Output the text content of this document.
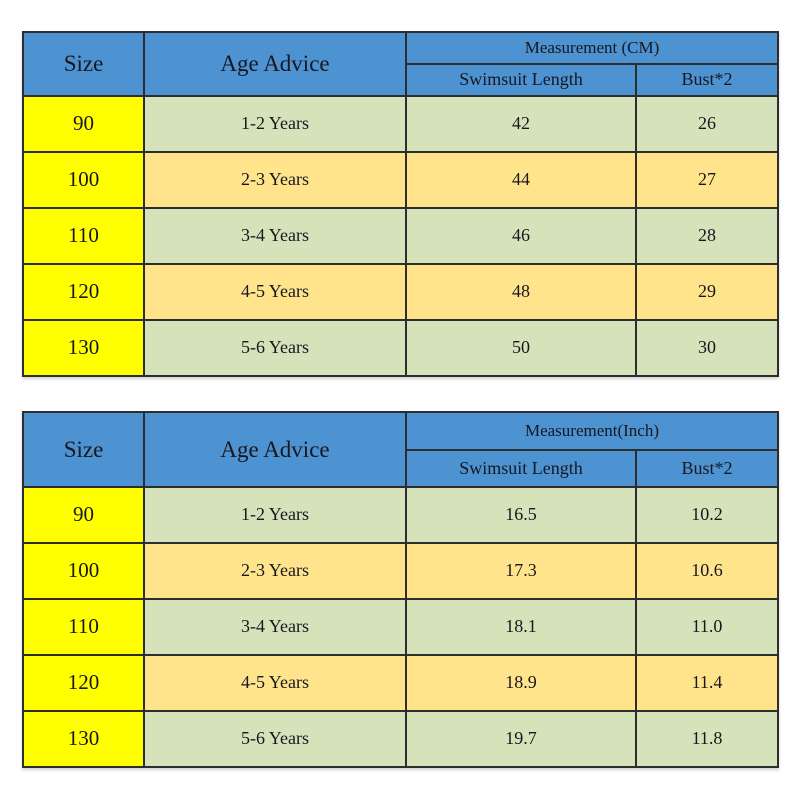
Size	Age Advice	Measurement (CM)	
		Swimsuit Length	Bust*2
90	1-2 Years	42	26
100	2-3 Years	44	27
110	3-4 Years	46	28
120	4-5 Years	48	29
130	5-6 Years	50	30
Size	Age Advice	Measurement(Inch)	
		Swimsuit Length	Bust*2
90	1-2 Years	16.5	10.2
100	2-3 Years	17.3	10.6
110	3-4 Years	18.1	11.0
120	4-5 Years	18.9	11.4
130	5-6 Years	19.7	11.8
